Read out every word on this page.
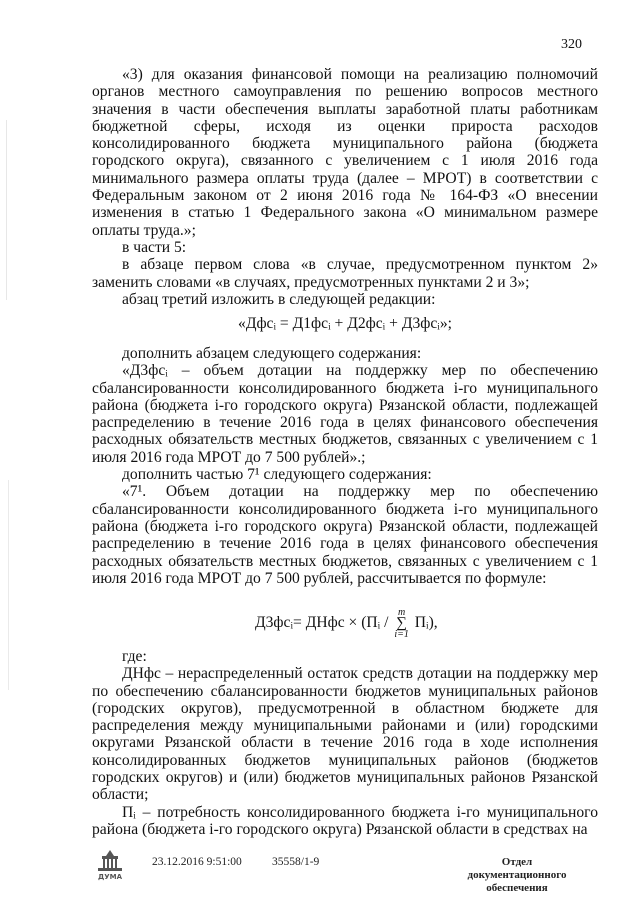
320

«3) для оказания финансовой помощи на реализацию полномочий органов местного самоуправления по решению вопросов местного значения в части обеспечения выплаты заработной платы работникам бюджетной сферы, исходя из оценки прироста расходов консолидированного бюджета муниципального района (бюджета городского округа), связанного с увеличением с 1 июля 2016 года минимального размера оплаты труда (далее – МРОТ) в соответствии с Федеральным законом от 2 июня 2016 года № 164-ФЗ «О внесении изменения в статью 1 Федерального закона «О минимальном размере оплаты труда.»;

в части 5:

в абзаце первом слова «в случае, предусмотренном пунктом 2» заменить словами «в случаях, предусмотренных пунктами 2 и 3»;

абзац третий изложить в следующей редакции:

«Дфсᵢ = Д1фсᵢ + Д2фсᵢ + Д3фсᵢ»;

дополнить абзацем следующего содержания:

«Д3фсᵢ – объем дотации на поддержку мер по обеспечению сбалансированности консолидированного бюджета i-го муниципального района (бюджета i-го городского округа) Рязанской области, подлежащей распределению в течение 2016 года в целях финансового обеспечения расходных обязательств местных бюджетов, связанных с увеличением с 1 июля 2016 года МРОТ до 7 500 рублей».;

дополнить частью 7¹ следующего содержания:

«7¹. Объем дотации на поддержку мер по обеспечению сбалансированности консолидированного бюджета i-го муниципального района (бюджета i-го городского округа) Рязанской области, подлежащей распределению в течение 2016 года в целях финансового обеспечения расходных обязательств местных бюджетов, связанных с увеличением с 1 июля 2016 года МРОТ до 7 500 рублей, рассчитывается по формуле:

Д3фсᵢ= ДНфс × (Пᵢ /
m
∑
i=1
Пᵢ),

где:

ДНфс – нераспределенный остаток средств дотации на поддержку мер по обеспечению сбалансированности бюджетов муниципальных районов (городских округов), предусмотренной в областном бюджете для распределения между муниципальными районами и (или) городскими округами Рязанской области в течение 2016 года в ходе исполнения консолидированных бюджетов муниципальных районов (бюджетов городских округов) и (или) бюджетов муниципальных районов Рязанской области;

Пᵢ – потребность консолидированного бюджета i-го муниципального района (бюджета i-го городского округа) Рязанской области в средствах на

ДУМА
23.12.2016 9:51:00	35558/1-9	Отдел документационного обеспечения
